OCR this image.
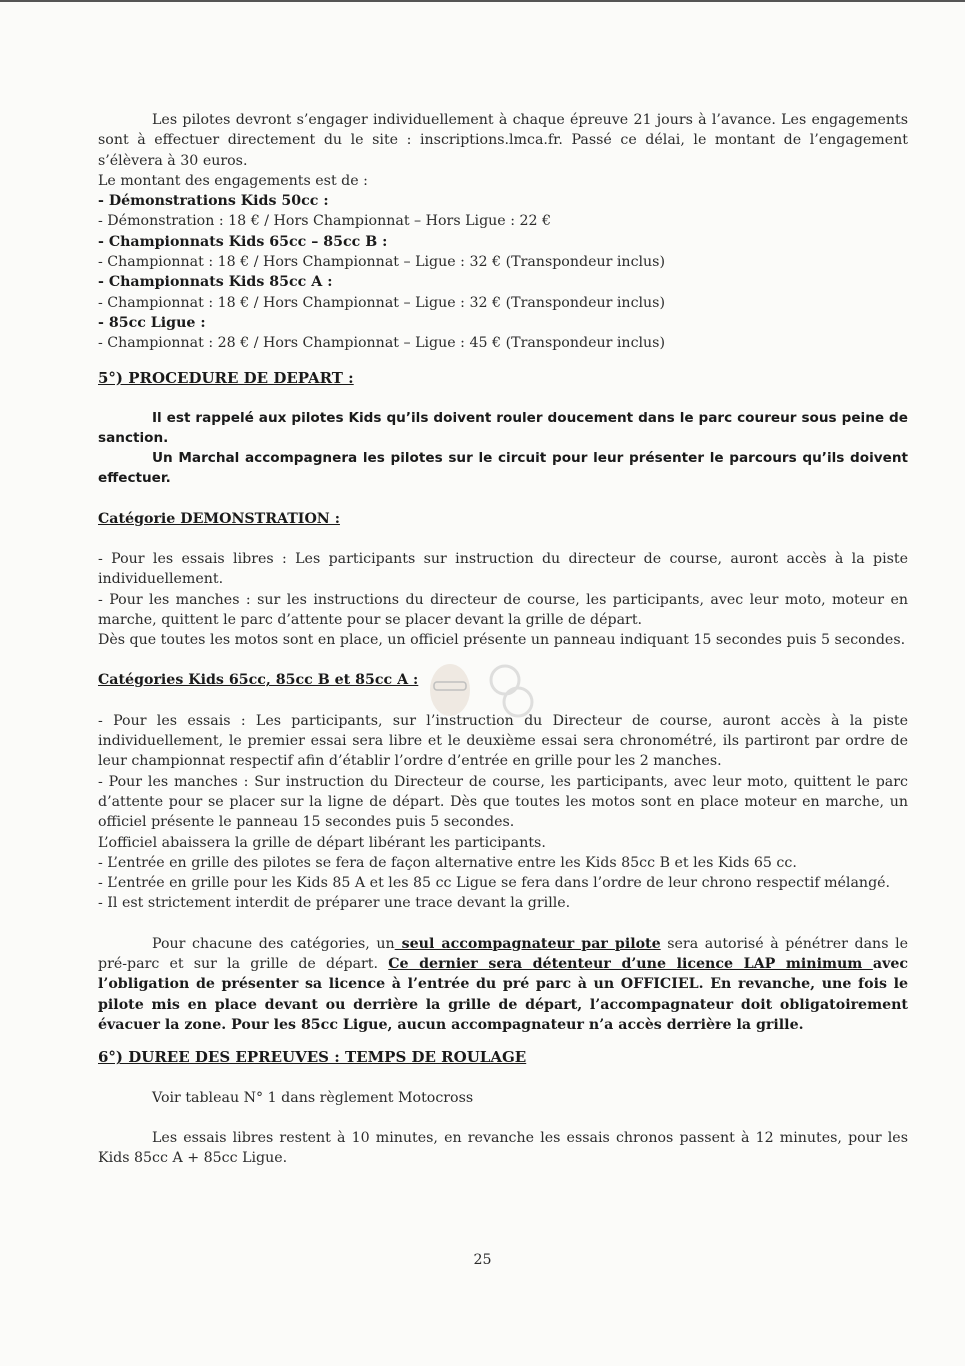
Les pilotes devront s’engager individuellement à chaque épreuve 21 jours à l’avance. Les engagements sont à effectuer directement du le site : inscriptions.lmca.fr. Passé ce délai, le montant de l’engagement s’élèvera à 30 euros.

Le montant des engagements est de :

- Démonstrations Kids 50cc :

- Démonstration : 18 € / Hors Championnat – Hors Ligue : 22 €

- Championnats Kids 65cc – 85cc B :

- Championnat : 18 € / Hors Championnat – Ligue : 32 € (Transpondeur inclus)

- Championnats Kids 85cc A :

- Championnat : 18 € / Hors Championnat – Ligue : 32 € (Transpondeur inclus)

- 85cc Ligue :

- Championnat : 28 € / Hors Championnat – Ligue : 45 € (Transpondeur inclus)

5°) PROCEDURE DE DEPART :

Il est rappelé aux pilotes Kids qu’ils doivent rouler doucement dans le parc coureur sous peine de sanction.

Un Marchal accompagnera les pilotes sur le circuit pour leur présenter le parcours qu’ils doivent effectuer.

Catégorie DEMONSTRATION :

- Pour les essais libres : Les participants sur instruction du directeur de course, auront accès à la piste individuellement.

- Pour les manches : sur les instructions du directeur de course, les participants, avec leur moto, moteur en marche, quittent le parc d’attente pour se placer devant la grille de départ.

Dès que toutes les motos sont en place, un officiel présente un panneau indiquant 15 secondes puis 5 secondes.

Catégories Kids 65cc, 85cc B et 85cc A :

- Pour les essais : Les participants, sur l’instruction du Directeur de course, auront accès à la piste individuellement, le premier essai sera libre et le deuxième essai sera chronométré, ils partiront par ordre de leur championnat respectif afin d’établir l’ordre d’entrée en grille pour les 2 manches.

- Pour les manches : Sur instruction du Directeur de course, les participants, avec leur moto, quittent le parc d’attente pour se placer sur la ligne de départ. Dès que toutes les motos sont en place moteur en marche, un officiel présente le panneau 15 secondes puis 5 secondes.

L’officiel abaissera la grille de départ libérant les participants.

- L’entrée en grille des pilotes se fera de façon alternative entre les Kids 85cc B et les Kids 65 cc.

- L’entrée en grille pour les Kids 85 A et les 85 cc Ligue se fera dans l’ordre de leur chrono respectif mélangé.

- Il est strictement interdit de préparer une trace devant la grille.

Pour chacune des catégories, un seul accompagnateur par pilote sera autorisé à pénétrer dans le pré-parc et sur la grille de départ. Ce dernier sera détenteur d’une licence LAP minimum avec l’obligation de présenter sa licence à l’entrée du pré parc à un OFFICIEL. En revanche, une fois le pilote mis en place devant ou derrière la grille de départ, l’accompagnateur doit obligatoirement évacuer la zone. Pour les 85cc Ligue, aucun accompagnateur n’a accès derrière la grille.

6°) DUREE DES EPREUVES : TEMPS DE ROULAGE

Voir tableau N° 1 dans règlement Motocross

Les essais libres restent à 10 minutes, en revanche les essais chronos passent à 12 minutes, pour les Kids 85cc A + 85cc Ligue.

25
